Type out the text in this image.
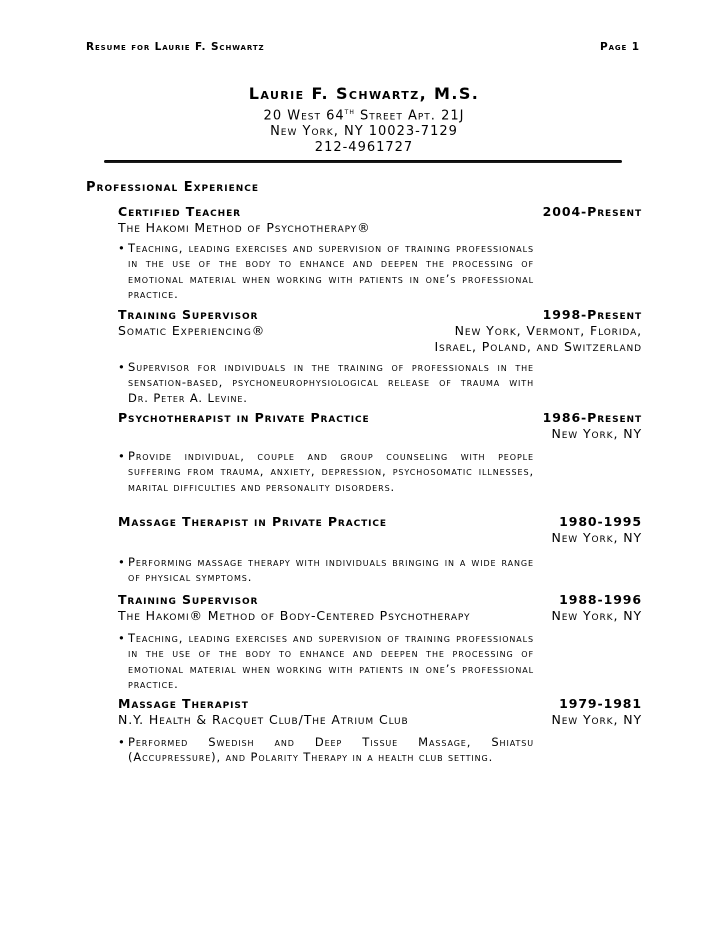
Resume for Laurie F. Schwartz	Page 1
Laurie F. Schwartz, M.S.
20 West 64th Street Apt. 21J
New York, NY 10023-7129
212-4961727
Professional Experience
Certified Teacher	2004-Present
The Hakomi Method of Psychotherapy®
• Teaching, leading exercises and supervision of training professionals in the use of the body to enhance and deepen the processing of emotional material when working with patients in one’s professional practice.
Training Supervisor	1998-Present
Somatic Experiencing®	New York, Vermont, Florida,
Israel, Poland, and Switzerland
• Supervisor for individuals in the training of professionals in the sensation-based, psychoneurophysiological release of trauma with Dr. Peter A. Levine.
Psychotherapist in Private Practice	1986-Present
New York, NY
• Provide individual, couple and group counseling with people suffering from trauma, anxiety, depression, psychosomatic illnesses, marital difficulties and personality disorders.
Massage Therapist in Private Practice	1980-1995
New York, NY
• Performing massage therapy with individuals bringing in a wide range of physical symptoms.
Training Supervisor	1988-1996
The Hakomi® Method of Body-Centered Psychotherapy	New York, NY
• Teaching, leading exercises and supervision of training professionals in the use of the body to enhance and deepen the processing of emotional material when working with patients in one’s professional practice.
Massage Therapist	1979-1981
N.Y. Health & Racquet Club/The Atrium Club	New York, NY
• Performed Swedish and Deep Tissue Massage, Shiatsu (Accupressure), and Polarity Therapy in a health club setting.
